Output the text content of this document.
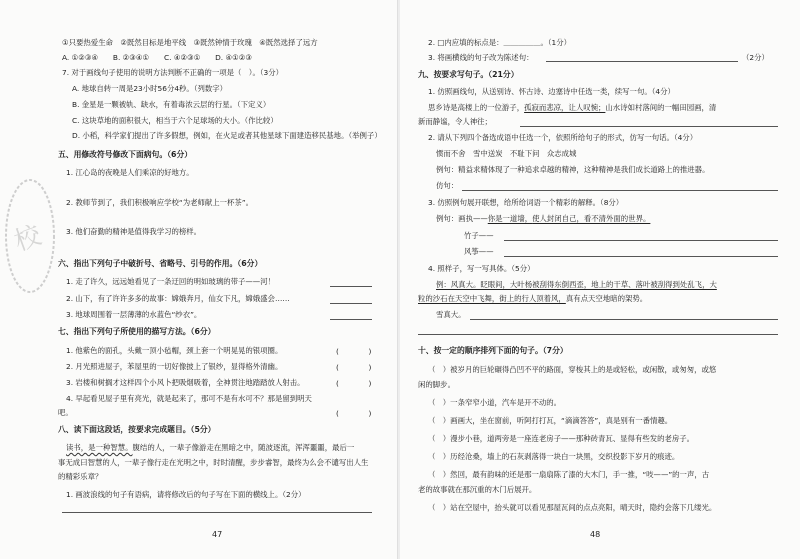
校
①只要热爱生命　②既然目标是地平线　③既然钟情于玫瑰　④既然选择了远方
A. ①②③④　　B. ②③④①　　C. ④②③①　　D. ④①②③
7. 对于画线句子使用的说明方法判断不正确的一项是（　）。（3分）
A. 地球自转一周是23小时56分4秒。（列数字）
B. 金星是一颗被轨、缺水，有着毒浓云层的行星。（下定义）
C. 这块草地的面积很大，相当于六个足球场的大小。（作比较）
D. 小稻，科学家们提出了许多假想，例如，在火足或者其他星球下面建造移民基地。（举例子）
五、用修改符号修改下面病句。（6分）
1. 江心岛的夜晚是人们乘凉的好地方。
2. 教师节到了，我们积极响应学校“为老师献上一杯茶”。
3. 他们奋勤的精神是值得我学习的榜样。
六、指出下列句子中破折号、省略号、引号的作用。（6分）
1. 走了许久，远远她看见了一条迂回的明如玻璃的带子——河！
2. 山下，有了许许多多的故事：嫦娥奔月，仙女下凡，嫦娥盛会……
3. 地球周围着一层薄薄的水蓝色“纱衣”。
七、指出下列句子所使用的描写方法。（6分）
1. 他紫色的面孔，头戴一顶小毡帽，颈上套一个明晃晃的银项圈。	(　　　　)
2. 月光照进屋子，苯屋里的一切好像披上了银纱，显得格外清幽。	(　　　　)
3. 岩楼和树搁才这样四个小风卜把吸烟吸着，全神贯注地踏踏放人射击。	(　　　　)
4. 早起看见屋子里有亮光，就是起来了，那可不是有水可不？那是留到明天
吧。	(　　　　)
八、读下面这段话，按要求完成题目。（5分）
读书，是一种智慧。腹结的人，一辈子像游走在黑暗之中，随波逐流，浑浑噩噩，最后一
事无成曰智慧的人，一辈子像行走在光明之中，时时清醒，步步睿智，最终为么会不谴写出人生
的精彩乐章？
1. 画波浪线的句子有语病，请将修改后的句子写在下面的横线上。（2分）
47
2. □内应填的标点是：＿＿＿＿＿。（1分）
3. 将画横线的句子改为陈述句：	（2分）
九、按要求写句子。（21分）
1. 仿照画线句，从送别诗、怀古诗、边塞诗中任选一类，续写一句。（4分）
思乡诗是高楼上的一位游子，孤寂而悲凉，让人叹惋；山水诗如村落间的一幅田园画，清
新而静谧，令人神往；
2. 请从下列四个备选成语中任选一个，依照所给句子的形式，仿写一句话。（4分）
惯而不舍　雪中送炭　不耻下问　众志成城
例句：精益求精体现了一种追求卓越的精神，这种精神是我们成长道路上的推进器。
仿句：
3. 仿照例句展开联想，给所给词语一个精彩的解释。（8分）
例句：画执——你是一道墙，使人封闭自己，看不清外面的世界。
竹子——
风筝——
4. 照样子，写一写具体。（5分）
例：风真大。眨眼间，大叶杨被刮得东倒西歪，地上的干草、落叶被刮得到处乱飞，大
粒的沙石在天空中飞舞，街上的行人顶着风，真有点天空地暗的架势。
雪真大。
十、按一定的顺序排列下面的句子。（7分）
（　）被岁月的巨轮碾得凸凹不平的路面，穿梭其上的是或轻松，或闲散，或匆匆，或悠
闲的脚步。
（　）一条窄窄小道，汽车是开不动的。
（　）画画大，坐在窗前，听阿打打瓦，“滴滴答答”，真是别有一番情趣。
（　）漫步小巷，道两旁是一座连老房子——那种砖青瓦、显得有些发的老房子。
（　）历经沧桑，墙上的石灰剥落得一块白一块黑，交织投影下岁月的痕迹。
（　）然回，最有韵味的还是那一扇扇陈了漆的大木门，手一推，“吱——”的一声，古
老的故事就在那沉重的木门后展开。
（　）站在空屋中，抬头就可以看见那屋瓦间的点点亮阳，晴天时，隐约会落下几缕光。
48
